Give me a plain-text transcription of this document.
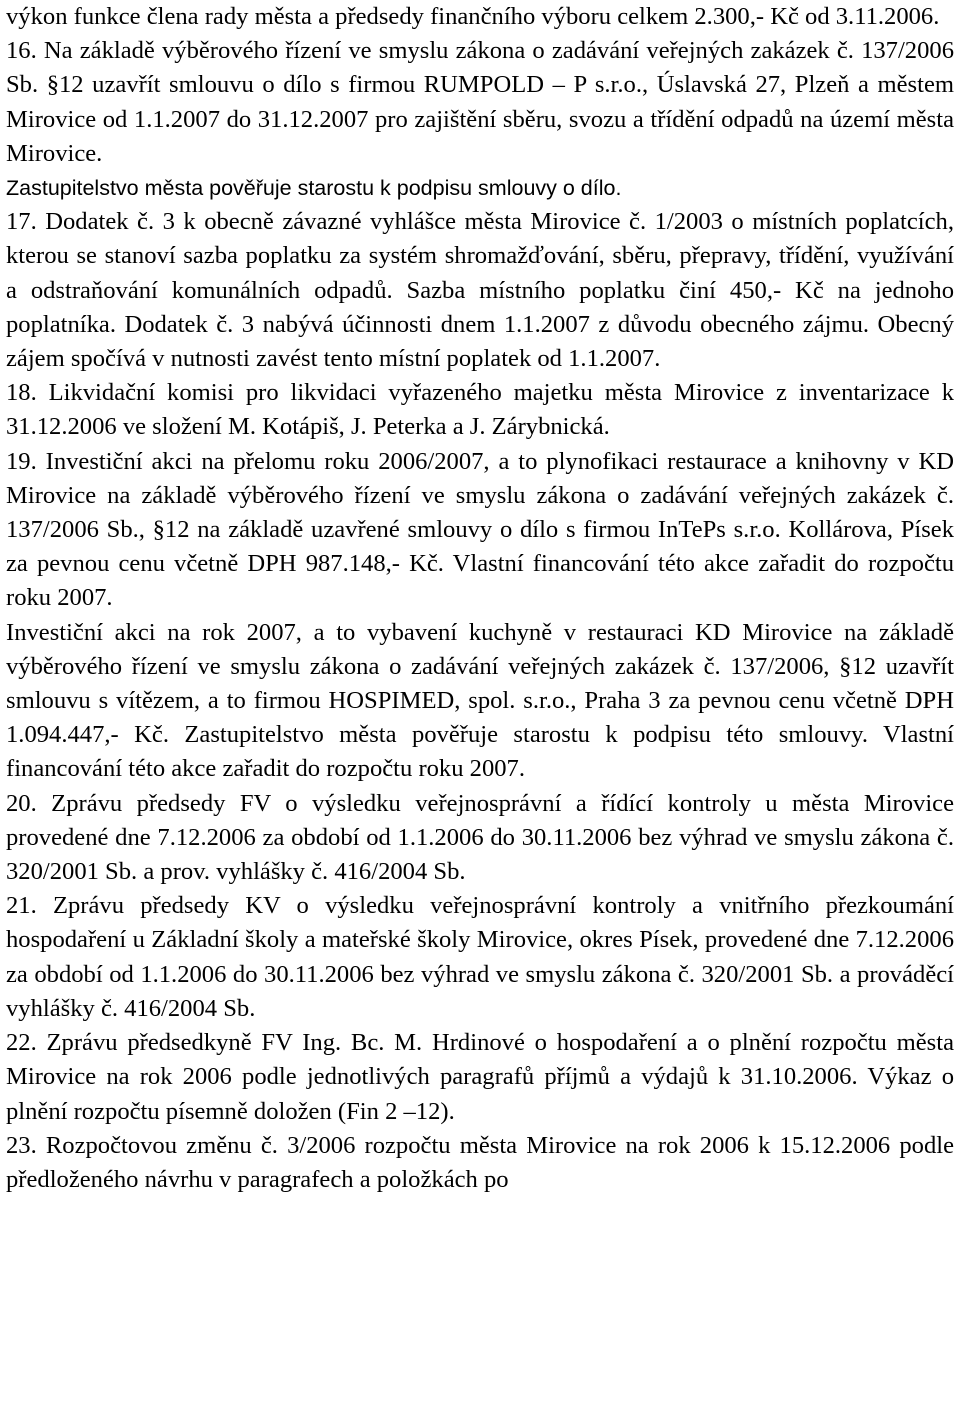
výkon funkce člena rady města a předsedy finančního výboru celkem 2.300,- Kč od 3.11.2006.

16. Na základě výběrového řízení ve smyslu zákona o zadávání veřejných zakázek č. 137/2006 Sb. §12 uzavřít smlouvu o dílo s firmou RUMPOLD – P s.r.o., Úslavská 27, Plzeň a městem Mirovice od 1.1.2007 do 31.12.2007 pro zajištění sběru, svozu a třídění odpadů na území města Mirovice.

Zastupitelstvo města pověřuje starostu k podpisu smlouvy o dílo.

17. Dodatek č. 3 k obecně závazné vyhlášce města Mirovice č. 1/2003 o místních poplatcích, kterou se stanoví sazba poplatku za systém shromažďování, sběru, přepravy, třídění, využívání a odstraňování komunálních odpadů. Sazba místního poplatku činí 450,- Kč na jednoho poplatníka. Dodatek č. 3 nabývá účinnosti dnem 1.1.2007 z důvodu obecného zájmu. Obecný zájem spočívá v nutnosti zavést tento místní poplatek od 1.1.2007.

18. Likvidační komisi pro likvidaci vyřazeného majetku města Mirovice z inventarizace k 31.12.2006 ve složení M. Kotápiš, J. Peterka a J. Zárybnická.

19. Investiční akci na přelomu roku 2006/2007, a to plynofikaci restaurace a knihovny v KD Mirovice na základě výběrového řízení ve smyslu zákona o zadávání veřejných zakázek č. 137/2006 Sb., §12 na základě uzavřené smlouvy o dílo s firmou InTePs s.r.o. Kollárova, Písek za pevnou cenu včetně DPH 987.148,- Kč. Vlastní financování této akce zařadit do rozpočtu roku 2007.

Investiční akci na rok 2007, a to vybavení kuchyně v restauraci KD Mirovice na základě výběrového řízení ve smyslu zákona o zadávání veřejných zakázek č. 137/2006, §12 uzavřít smlouvu s vítězem, a to firmou HOSPIMED, spol. s.r.o., Praha 3 za pevnou cenu včetně DPH 1.094.447,- Kč. Zastupitelstvo města pověřuje starostu k podpisu této smlouvy. Vlastní financování této akce zařadit do rozpočtu roku 2007.

20. Zprávu předsedy FV o výsledku veřejnosprávní a řídící kontroly u města Mirovice provedené dne 7.12.2006 za období od 1.1.2006 do 30.11.2006 bez výhrad ve smyslu zákona č. 320/2001 Sb. a prov. vyhlášky č. 416/2004 Sb.

21. Zprávu předsedy KV o výsledku veřejnosprávní kontroly a vnitřního přezkoumání hospodaření u Základní školy a mateřské školy Mirovice, okres Písek, provedené dne 7.12.2006 za období od 1.1.2006 do 30.11.2006 bez výhrad ve smyslu zákona č. 320/2001 Sb. a prováděcí vyhlášky č. 416/2004 Sb.

22. Zprávu předsedkyně FV Ing. Bc. M. Hrdinové o hospodaření a o plnění rozpočtu města Mirovice na rok 2006 podle jednotlivých paragrafů příjmů a výdajů k 31.10.2006. Výkaz o plnění rozpočtu písemně doložen (Fin 2 –12).

23. Rozpočtovou změnu č. 3/2006 rozpočtu města Mirovice na rok 2006 k 15.12.2006 podle předloženého návrhu v paragrafech a položkách po
